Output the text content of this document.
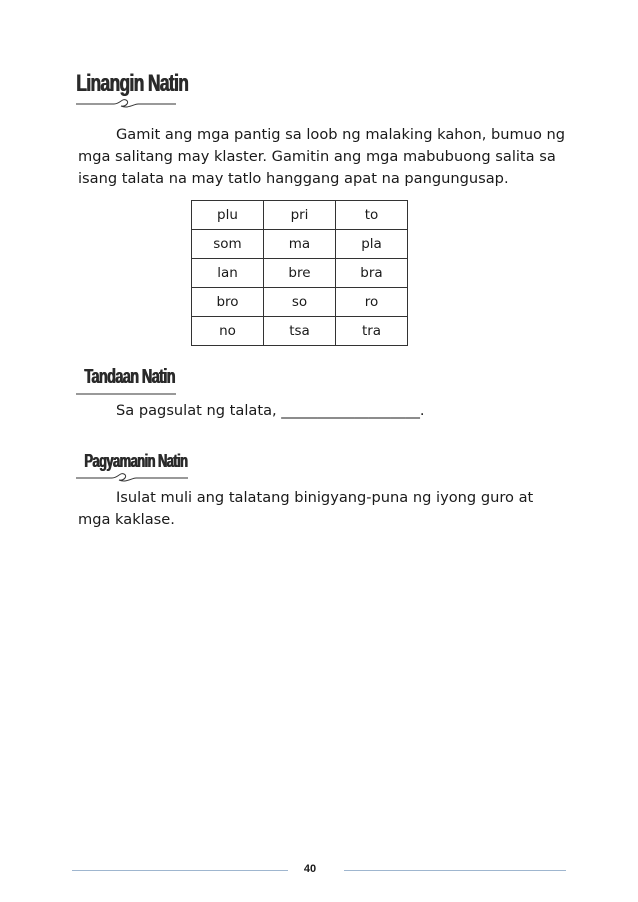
Linangin Natin

Gamit ang mga pantig sa loob ng malaking kahon, bumuo ng mga salitang may klaster. Gamitin ang mga mabubuong salita sa isang talata na may tatlo hanggang apat na pangungusap.

plu	pri	to
som	ma	pla
lan	bre	bra
bro	so	ro
no	tsa	tra
Tandaan Natin

Sa pagsulat ng talata, ___________________.

Pagyamanin Natin

Isulat muli ang talatang binigyang-puna ng iyong guro at mga kaklase.

40
